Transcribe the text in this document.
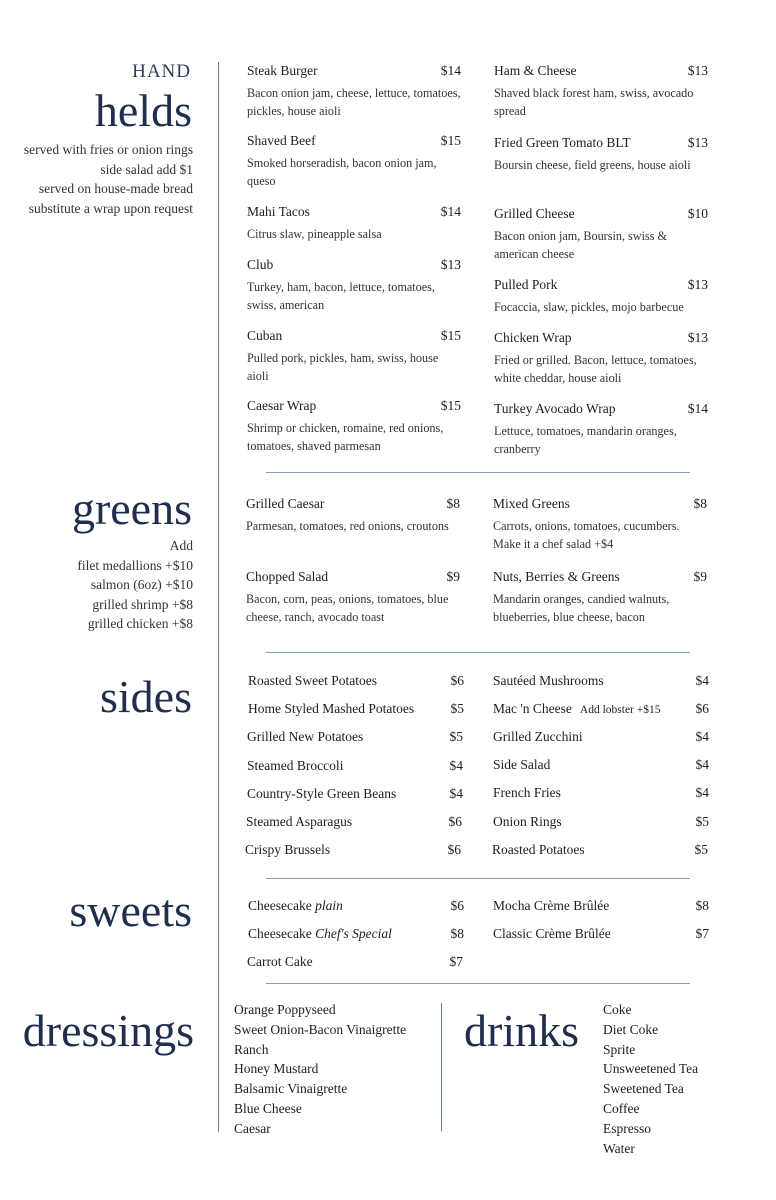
HAND
helds
served with fries or onion rings
side salad add $1
served on house-made bread
substitute a wrap upon request
Steak Burger	$14
Bacon onion jam, cheese, lettuce, tomatoes, pickles, house aioli
Shaved Beef	$15
Smoked horseradish, bacon onion jam, queso
Mahi Tacos	$14
Citrus slaw, pineapple salsa
Club	$13
Turkey, ham, bacon, lettuce, tomatoes, swiss, american
Cuban	$15
Pulled pork, pickles, ham, swiss, house aioli
Caesar Wrap	$15
Shrimp or chicken, romaine, red onions, tomatoes, shaved parmesan
Ham & Cheese	$13
Shaved black forest ham, swiss, avocado spread
Fried Green Tomato BLT	$13
Boursin cheese, field greens, house aioli
Grilled Cheese	$10
Bacon onion jam, Boursin, swiss & american cheese
Pulled Pork	$13
Focaccia, slaw, pickles, mojo barbecue
Chicken Wrap	$13
Fried or grilled. Bacon, lettuce, tomatoes, white cheddar, house aioli
Turkey Avocado Wrap	$14
Lettuce, tomatoes, mandarin oranges, cranberry
greens
Add
filet medallions +$10
salmon (6oz) +$10
grilled shrimp +$8
grilled chicken +$8
Grilled Caesar	$8
Parmesan, tomatoes, red onions, croutons
Mixed Greens	$8
Carrots, onions, tomatoes, cucumbers. Make it a chef salad +$4
Chopped Salad	$9
Bacon, corn, peas, onions, tomatoes, blue cheese, ranch, avocado toast
Nuts, Berries & Greens	$9
Mandarin oranges, candied walnuts, blueberries, blue cheese, bacon
sides	Roasted Sweet Potatoes	$6
Home Styled Mashed Potatoes	$5
Grilled New Potatoes	$5
Steamed Broccoli	$4
Country-Style Green Beans	$4
Steamed Asparagus	$6
Crispy Brussels	$6
Sautéed Mushrooms	$4
Mac 'n Cheese Add lobster +$15	$6
Grilled Zucchini	$4
Side Salad	$4
French Fries	$4
Onion Rings	$5
Roasted Potatoes	$5
sweets	Cheesecake plain	$6
Cheesecake Chef's Special	$8
Carrot Cake	$7
Mocha Crème Brûlée	$8
Classic Crème Brûlée	$7
dressings	Orange Poppyseed
Sweet Onion-Bacon Vinaigrette
Ranch
Honey Mustard
Balsamic Vinaigrette
Blue Cheese
Caesar
drinks	Coke
Diet Coke
Sprite
Unsweetened Tea
Sweetened Tea
Coffee
Espresso
Water
